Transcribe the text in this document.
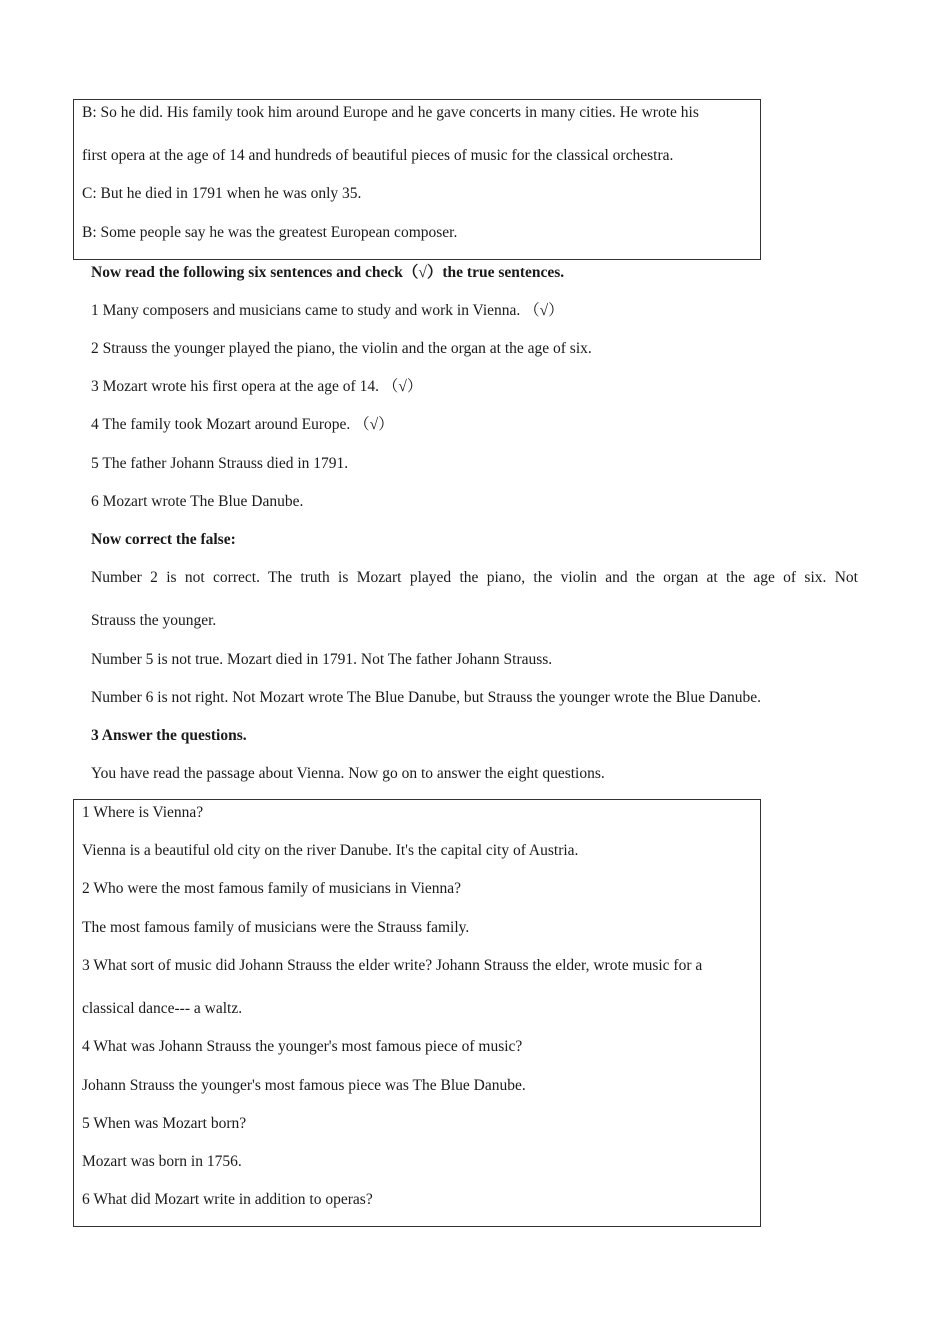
B: So he did. His family took him around Europe and he gave concerts in many cities. He wrote his
first opera at the age of 14 and hundreds of beautiful pieces of music for the classical orchestra.
C: But he died in 1791 when he was only 35.
B: Some people say he was the greatest European composer.
Now read the following six sentences and check（√）the true sentences.
1 Many composers and musicians came to study and work in Vienna. （√）
2 Strauss the younger played the piano, the violin and the organ at the age of six.
3 Mozart wrote his first opera at the age of 14. （√）
4 The family took Mozart around Europe. （√）
5 The father Johann Strauss died in 1791.
6 Mozart wrote The Blue Danube.
Now correct the false:
Number 2 is not correct. The truth is Mozart played the piano, the violin and the organ at the age of six. Not
Strauss the younger.
Number 5 is not true. Mozart died in 1791. Not The father Johann Strauss.
Number 6 is not right. Not Mozart wrote The Blue Danube, but Strauss the younger wrote the Blue Danube.
3 Answer the questions.
You have read the passage about Vienna. Now go on to answer the eight questions.
1 Where is Vienna?
Vienna is a beautiful old city on the river Danube. It's the capital city of Austria.
2 Who were the most famous family of musicians in Vienna?
The most famous family of musicians were the Strauss family.
3 What sort of music did Johann Strauss the elder write? Johann Strauss the elder, wrote music for a
classical dance--- a waltz.
4 What was Johann Strauss the younger's most famous piece of music?
Johann Strauss the younger's most famous piece was The Blue Danube.
5 When was Mozart born?
Mozart was born in 1756.
6 What did Mozart write in addition to operas?
